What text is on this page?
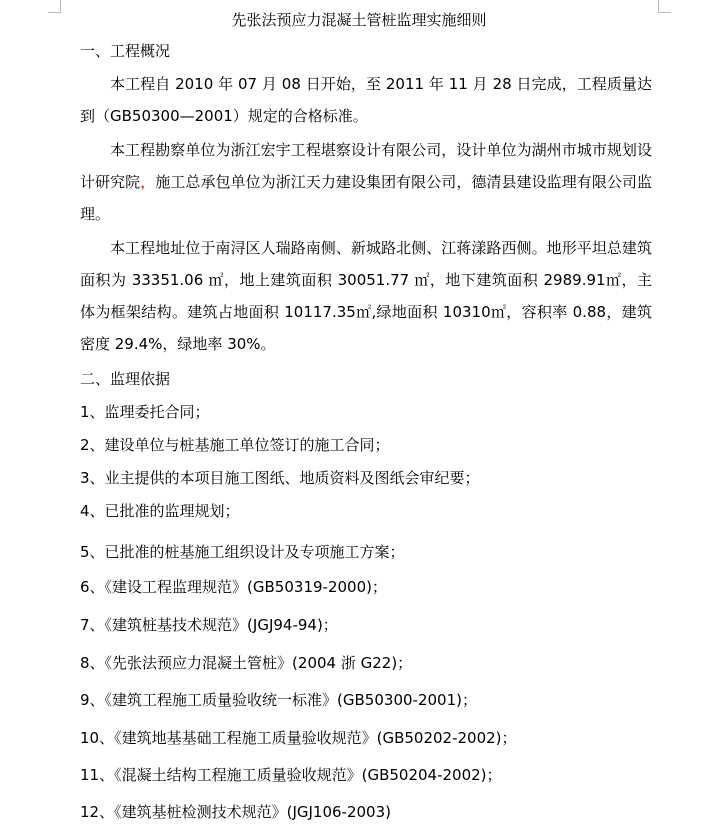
先张法预应力混凝土管桩监理实施细则
一、工程概况

本工程自 2010 年 07 月 08 日开始，至 2011 年 11 月 28 日完成，工程质量达到（GB50300—2001）规定的合格标准。

本工程勘察单位为浙江宏宇工程堪察设计有限公司，设计单位为湖州市城市规划设计研究院，施工总承包单位为浙江天力建设集团有限公司，德清县建设监理有限公司监理。

本工程地址位于南浔区人瑞路南侧、新城路北侧、江蒋漾路西侧。地形平坦总建筑面积为 33351.06 ㎡，地上建筑面积 30051.77 ㎡，地下建筑面积 2989.91㎡，主体为框架结构。建筑占地面积 10117.35㎡,绿地面积 10310㎡，容积率 0.88，建筑密度 29.4%，绿地率 30%。

二、监理依据
1、监理委托合同；
2、建设单位与桩基施工单位签订的施工合同；
3、业主提供的本项目施工图纸、地质资料及图纸会审纪要；
4、已批准的监理规划；
5、已批准的桩基施工组织设计及专项施工方案；
6、《建设工程监理规范》(GB50319-2000)；
7、《建筑桩基技术规范》(JGJ94-94)；
8、《先张法预应力混凝土管桩》(2004 浙 G22)；
9、《建筑工程施工质量验收统一标准》(GB50300-2001)；
10、《建筑地基基础工程施工质量验收规范》(GB50202-2002)；
11、《混凝土结构工程施工质量验收规范》(GB50204-2002)；
12、《建筑基桩检测技术规范》(JGJ106-2003)
